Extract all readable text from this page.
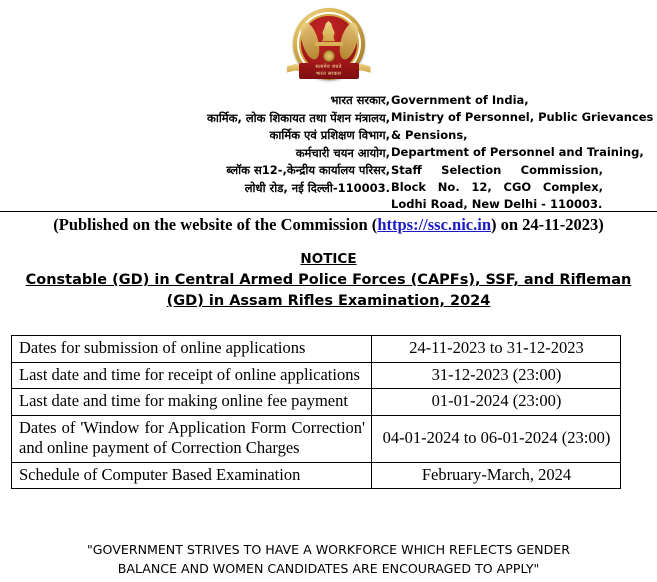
सत्यमेव जयते
भारत सरकार
भारत सरकार,
कार्मिक, लोक शिकायत तथा पेंशन मंत्रालय,
कार्मिक एवं प्रशिक्षण विभाग,
कर्मचारी चयन आयोग,
ब्लॉक स12-,केन्द्रीय कार्यालय परिसर,
लोधी रोड, नई दिल्ली-110003.
Government of India,
Ministry of Personnel, Public Grievances
& Pensions,
Department of Personnel and Training,
Staff Selection Commission,
Block No. 12, CGO Complex,
Lodhi Road, New Delhi - 110003.
(Published on the website of the Commission (https://ssc.nic.in) on 24-11-2023)
NOTICE
Constable (GD) in Central Armed Police Forces (CAPFs), SSF, and Rifleman
(GD) in Assam Rifles Examination, 2024
Dates for submission of online applications	24-11-2023 to 31-12-2023
Last date and time for receipt of online applications	31-12-2023 (23:00)
Last date and time for making online fee payment	01-01-2024 (23:00)
Dates of 'Window for Application Form Correction' and online payment of Correction Charges	04-01-2024 to 06-01-2024 (23:00)
Schedule of Computer Based Examination	February-March, 2024
"GOVERNMENT STRIVES TO HAVE A WORKFORCE WHICH REFLECTS GENDER
BALANCE AND WOMEN CANDIDATES ARE ENCOURAGED TO APPLY"
